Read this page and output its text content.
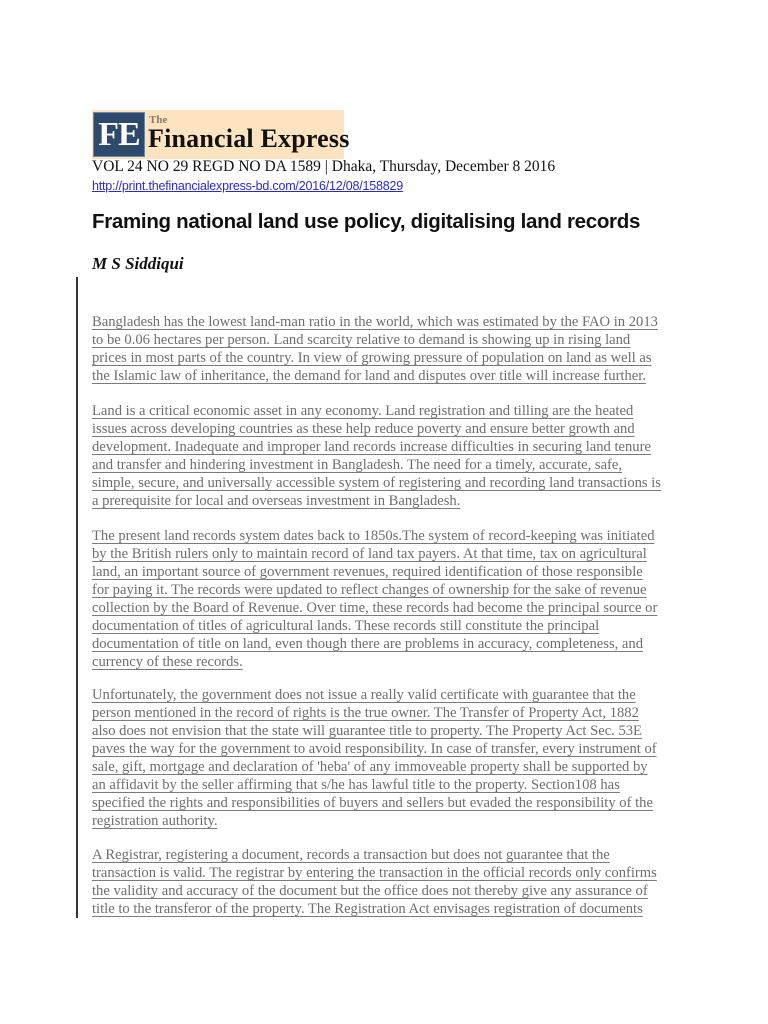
FE The
Financial Express
VOL 24 NO 29 REGD NO DA 1589 | Dhaka, Thursday, December 8 2016
http://print.thefinancialexpress-bd.com/2016/12/08/158829
Framing national land use policy, digitalising land records
M S Siddiqui

Bangladesh has the lowest land-man ratio in the world, which was estimated by the FAO in 2013
to be 0.06 hectares per person. Land scarcity relative to demand is showing up in rising land
prices in most parts of the country. In view of growing pressure of population on land as well as
the Islamic law of inheritance, the demand for land and disputes over title will increase further.

Land is a critical economic asset in any economy. Land registration and tilling are the heated
issues across developing countries as these help reduce poverty and ensure better growth and
development. Inadequate and improper land records increase difficulties in securing land tenure
and transfer and hindering investment in Bangladesh. The need for a timely, accurate, safe,
simple, secure, and universally accessible system of registering and recording land transactions is
a prerequisite for local and overseas investment in Bangladesh.

The present land records system dates back to 1850s.The system of record-keeping was initiated
by the British rulers only to maintain record of land tax payers. At that time, tax on agricultural
land, an important source of government revenues, required identification of those responsible
for paying it. The records were updated to reflect changes of ownership for the sake of revenue
collection by the Board of Revenue. Over time, these records had become the principal source or
documentation of titles of agricultural lands. These records still constitute the principal
documentation of title on land, even though there are problems in accuracy, completeness, and
currency of these records.

Unfortunately, the government does not issue a really valid certificate with guarantee that the
person mentioned in the record of rights is the true owner. The Transfer of Property Act, 1882
also does not envision that the state will guarantee title to property. The Property Act Sec. 53E
paves the way for the government to avoid responsibility. In case of transfer, every instrument of
sale, gift, mortgage and declaration of 'heba' of any immoveable property shall be supported by
an affidavit by the seller affirming that s/he has lawful title to the property. Section108 has
specified the rights and responsibilities of buyers and sellers but evaded the responsibility of the
registration authority.

A Registrar, registering a document, records a transaction but does not guarantee that the
transaction is valid. The registrar by entering the transaction in the official records only confirms
the validity and accuracy of the document but the office does not thereby give any assurance of
title to the transferor of the property. The Registration Act envisages registration of documents
